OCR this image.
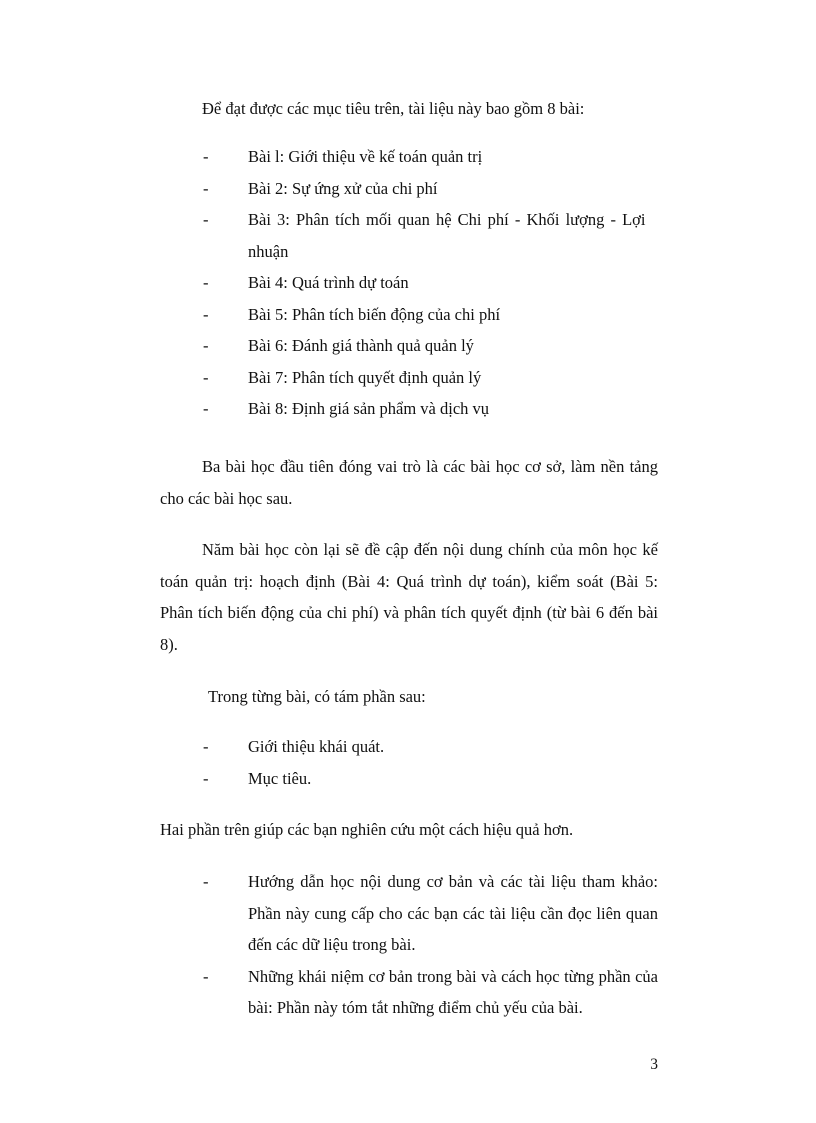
Để đạt được các mục tiêu trên, tài liệu này bao gồm 8 bài:

- Bài l: Giới thiệu về kế toán quản trị
- Bài 2: Sự ứng xử của chi phí
- Bài 3: Phân tích mối quan hệ Chi phí - Khối lượng - Lợi nhuận
- Bài 4: Quá trình dự toán
- Bài 5: Phân tích biến động của chi phí
- Bài 6: Đánh giá thành quả quản lý
- Bài 7: Phân tích quyết định quản lý
- Bài 8: Định giá sản phẩm và dịch vụ

Ba bài học đầu tiên đóng vai trò là các bài học cơ sở, làm nền tảng cho các bài học sau.

Năm bài học còn lại sẽ đề cập đến nội dung chính của môn học kế toán quản trị: hoạch định (Bài 4: Quá trình dự toán), kiểm soát (Bài 5: Phân tích biến động của chi phí) và phân tích quyết định (từ bài 6 đến bài 8).

Trong từng bài, có tám phần sau:

- Giới thiệu khái quát.
- Mục tiêu.

Hai phần trên giúp các bạn nghiên cứu một cách hiệu quả hơn.

- Hướng dẫn học nội dung cơ bản và các tài liệu tham khảo: Phần này cung cấp cho các bạn các tài liệu cần đọc liên quan đến các dữ liệu trong bài.
- Những khái niệm cơ bản trong bài và cách học từng phần của bài: Phần này tóm tắt những điểm chủ yếu của bài.
3
